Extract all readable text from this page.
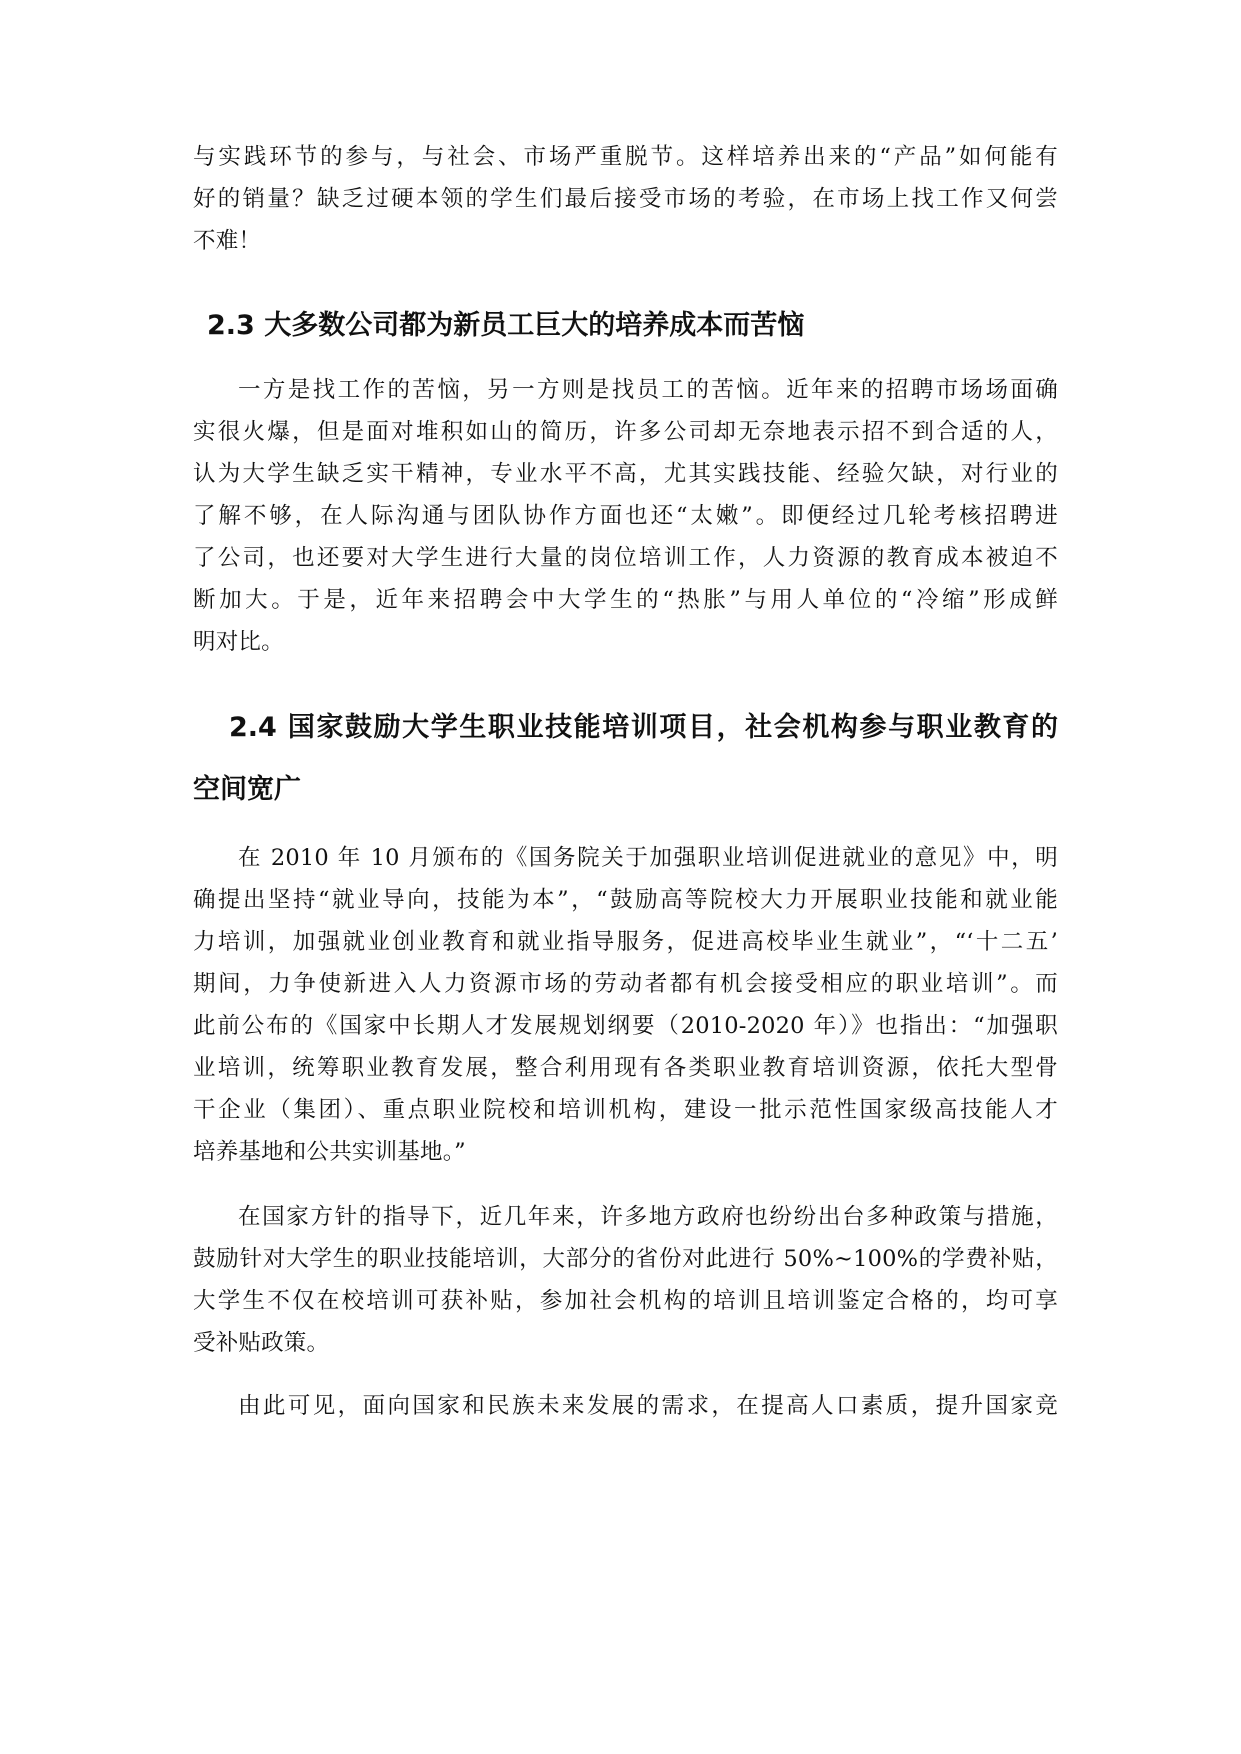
与实践环节的参与，与社会、市场严重脱节。这样培养出来的“产品”如何能有
好的销量？缺乏过硬本领的学生们最后接受市场的考验，在市场上找工作又何尝
不难！
2.3 大多数公司都为新员工巨大的培养成本而苦恼
一方是找工作的苦恼，另一方则是找员工的苦恼。近年来的招聘市场场面确
实很火爆，但是面对堆积如山的简历，许多公司却无奈地表示招不到合适的人，
认为大学生缺乏实干精神，专业水平不高，尤其实践技能、经验欠缺，对行业的
了解不够，在人际沟通与团队协作方面也还“太嫩”。即便经过几轮考核招聘进
了公司，也还要对大学生进行大量的岗位培训工作，人力资源的教育成本被迫不
断加大。于是，近年来招聘会中大学生的“热胀”与用人单位的“冷缩”形成鲜
明对比。
2.4 国家鼓励大学生职业技能培训项目，社会机构参与职业教育的
空间宽广
在 2010 年 10 月颁布的《国务院关于加强职业培训促进就业的意见》中，明
确提出坚持“就业导向，技能为本”，“鼓励高等院校大力开展职业技能和就业能
力培训，加强就业创业教育和就业指导服务，促进高校毕业生就业”，“‘十二五’
期间，力争使新进入人力资源市场的劳动者都有机会接受相应的职业培训”。而
此前公布的《国家中长期人才发展规划纲要（2010-2020 年）》也指出：“加强职
业培训，统筹职业教育发展，整合利用现有各类职业教育培训资源，依托大型骨
干企业（集团）、重点职业院校和培训机构，建设一批示范性国家级高技能人才
培养基地和公共实训基地。”
在国家方针的指导下，近几年来，许多地方政府也纷纷出台多种政策与措施，
鼓励针对大学生的职业技能培训，大部分的省份对此进行 50%~100%的学费补贴，
大学生不仅在校培训可获补贴，参加社会机构的培训且培训鉴定合格的，均可享
受补贴政策。
由此可见，面向国家和民族未来发展的需求，在提高人口素质，提升国家竞
